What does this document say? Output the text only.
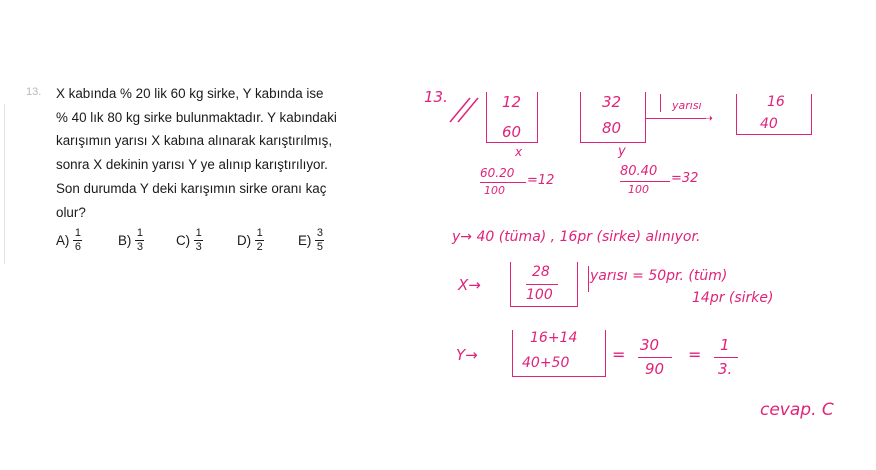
13. X kabında % 20 lik 60 kg sirke, Y kabında ise
% 40 lık 80 kg sirke bulunmaktadır. Y kabındaki
karışımın yarısı X kabına alınarak karıştırılmış,
sonra X dekinin yarısı Y ye alınıp karıştırılıyor.
Son durumda Y deki karışımın sirke oranı kaç
olur?
$A) \frac{1}{6}$	$B) \frac{1}{3} C) \frac{1}{3}$	$D) \frac{1}{2}$	$E) \frac{3}{5}$
13.	12
60
x
32
80
y
➝
yarısı	16
40
60.20
100
=12
80.40
100
=32
y→ 40 (tüma) , 16pr (sirke) alınıyor.
X→
28
100
yarısı = 50pr. (tüm)
14pr (sirke)
Y→
16+14
40+50	= 30
90
= 1
3.
cevap. C
